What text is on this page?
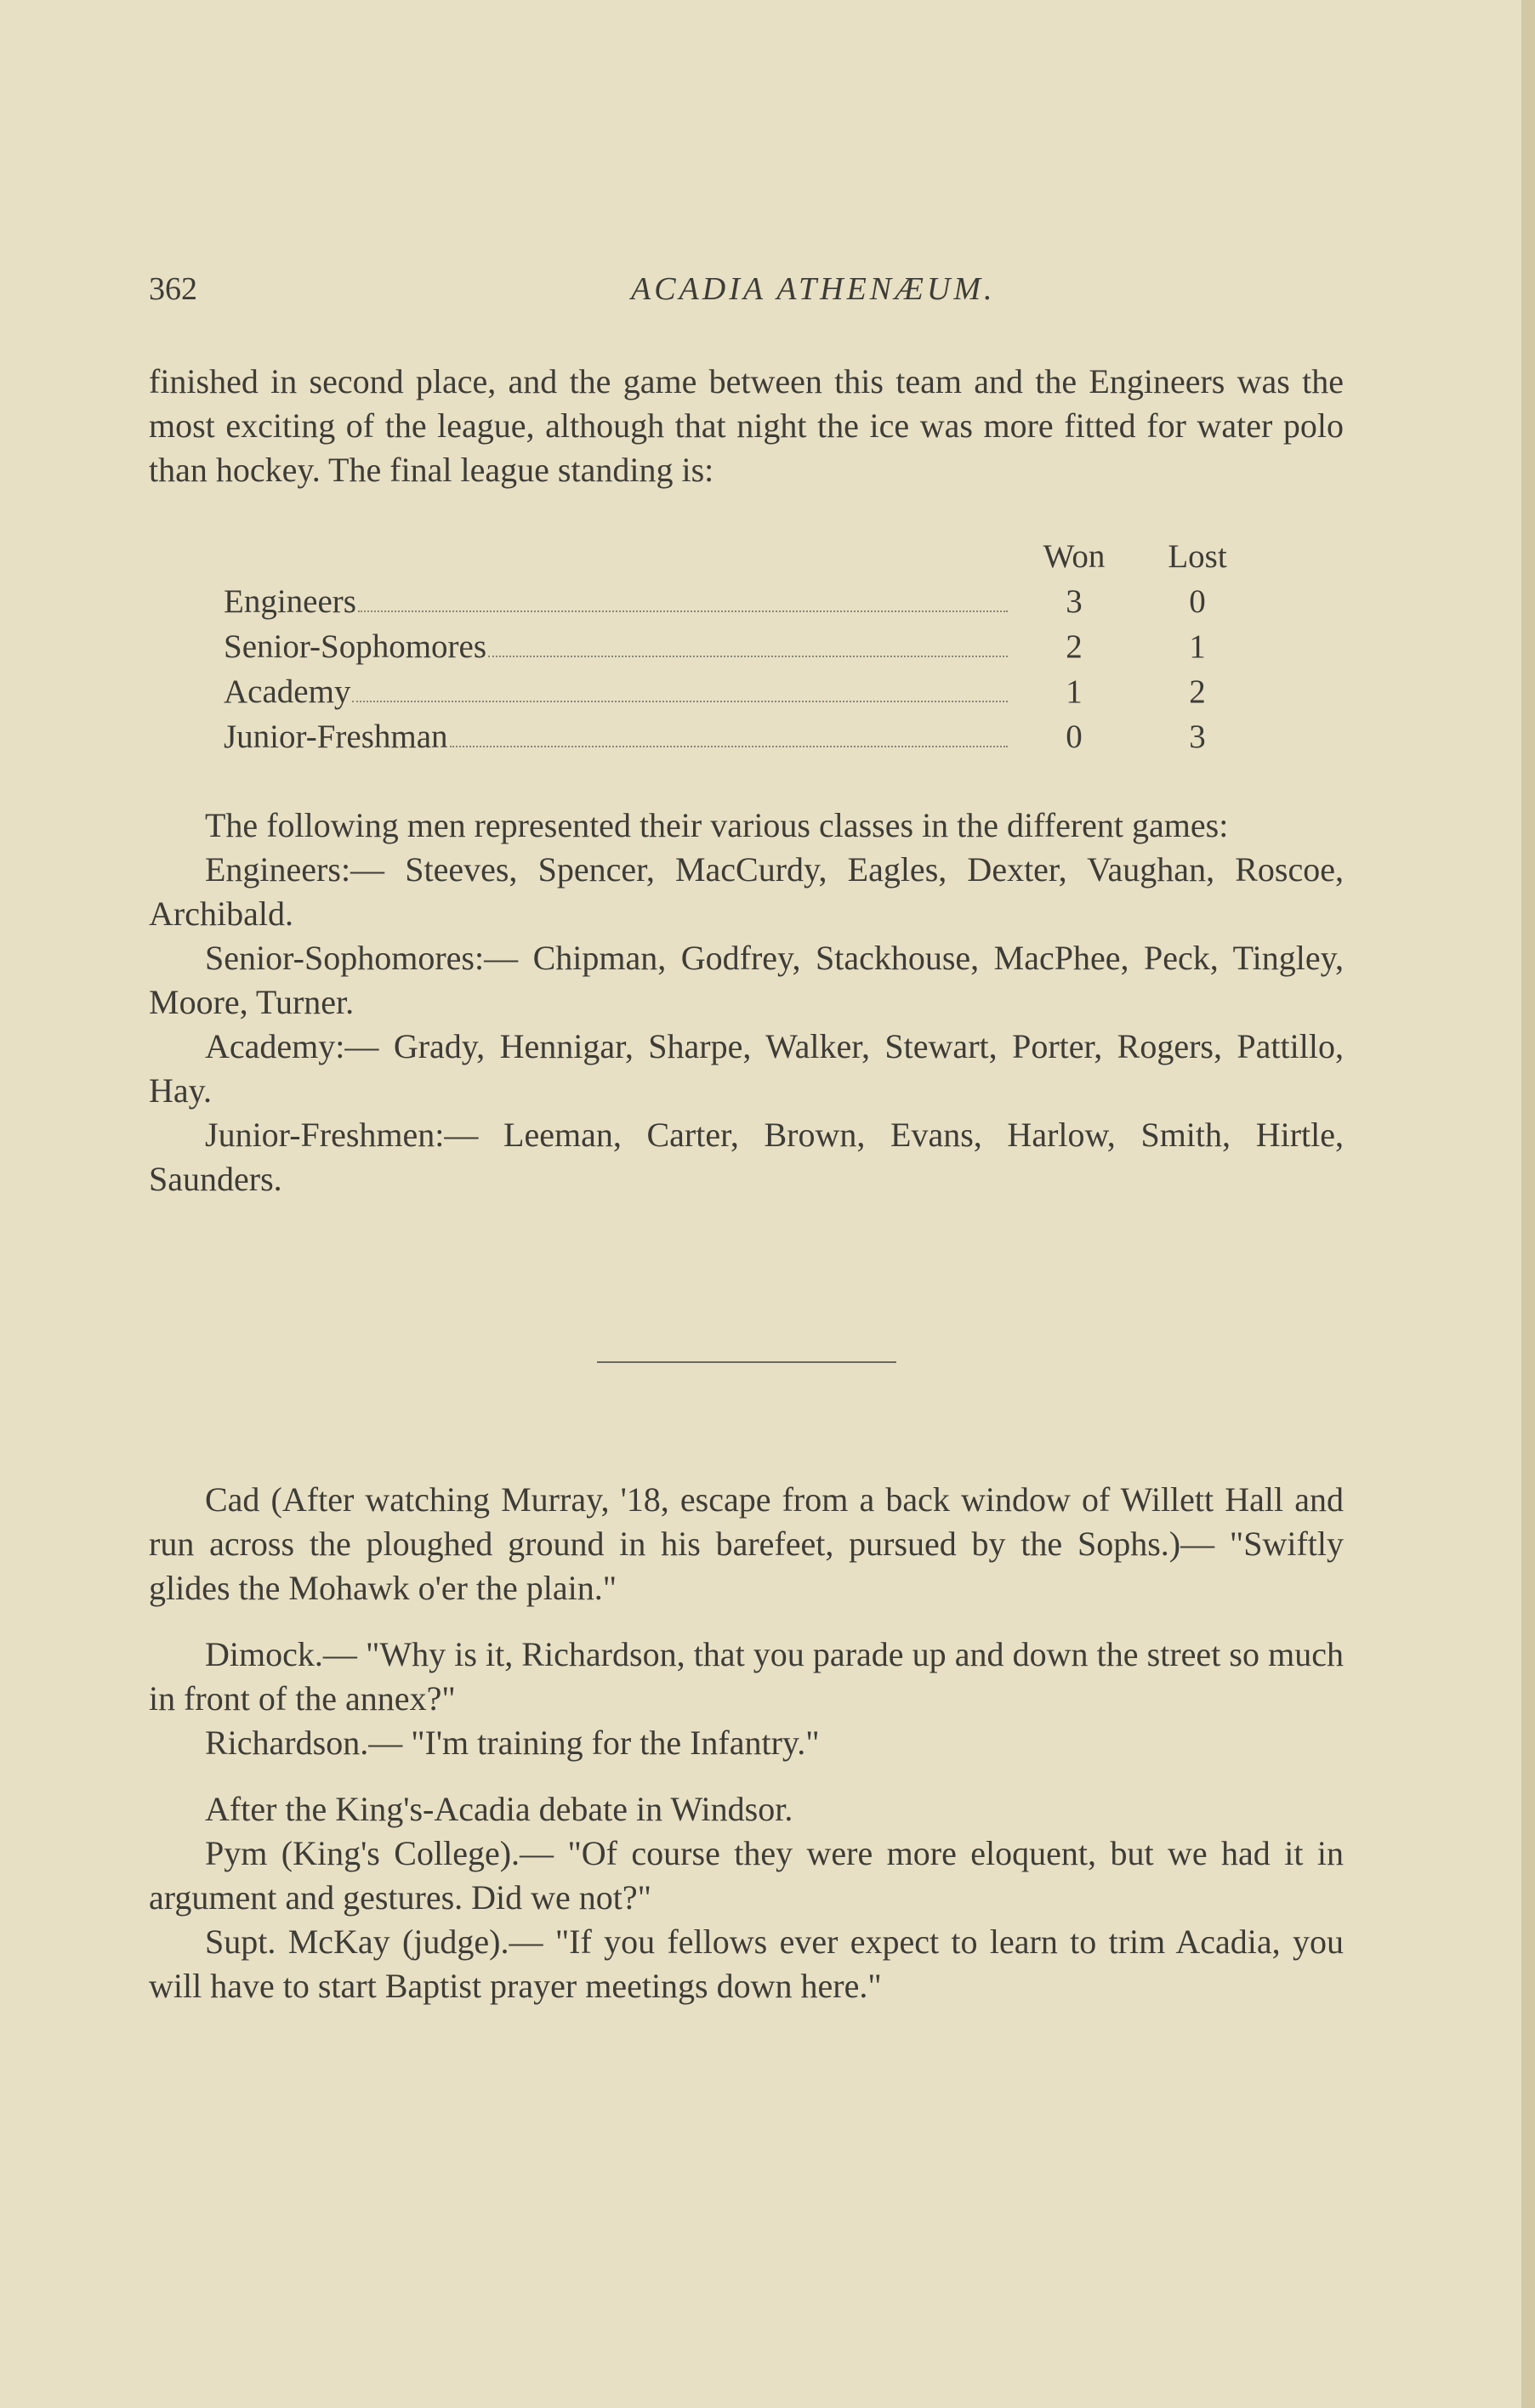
362	ACADIA ATHENÆUM.

finished in second place, and the game between this team and the Engineers was the most exciting of the league, although that night the ice was more fitted for water polo than hockey. The final league standing is:

Won	Lost
Engineers	3	0
Senior-Sophomores	2	1
Academy	1	2
Junior-Freshman	0	3

The following men represented their various classes in the different games:

Engineers:— Steeves, Spencer, MacCurdy, Eagles, Dexter, Vaughan, Roscoe, Archibald.

Senior-Sophomores:— Chipman, Godfrey, Stackhouse, MacPhee, Peck, Tingley, Moore, Turner.

Academy:— Grady, Hennigar, Sharpe, Walker, Stewart, Porter, Rogers, Pattillo, Hay.

Junior-Freshmen:— Leeman, Carter, Brown, Evans, Harlow, Smith, Hirtle, Saunders.

Cad (After watching Murray, '18, escape from a back window of Willett Hall and run across the ploughed ground in his barefeet, pursued by the Sophs.)— "Swiftly glides the Mohawk o'er the plain."

Dimock.— "Why is it, Richardson, that you parade up and down the street so much in front of the annex?"

Richardson.— "I'm training for the Infantry."

After the King's-Acadia debate in Windsor.

Pym (King's College).— "Of course they were more eloquent, but we had it in argument and gestures. Did we not?"

Supt. McKay (judge).— "If you fellows ever expect to learn to trim Acadia, you will have to start Baptist prayer meetings down here."
